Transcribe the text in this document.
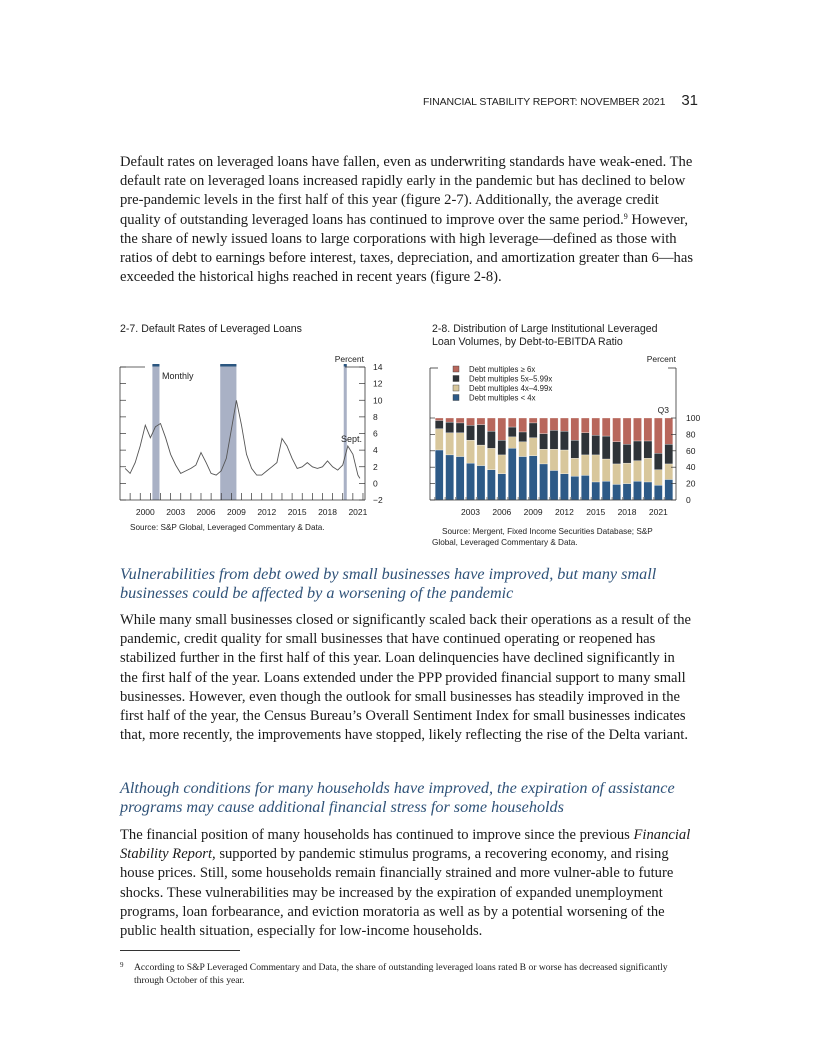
FINANCIAL STABILITY REPORT: NOVEMBER 2021 31

Default rates on leveraged loans have fallen, even as underwriting standards have weak-ened. The default rate on leveraged loans increased rapidly early in the pandemic but has declined to below pre-pandemic levels in the first half of this year (figure 2-7). Additionally, the average credit quality of outstanding leveraged loans has continued to improve over the same period.$^9$ However, the share of newly issued loans to large corporations with high leverage—defined as those with ratios of debt to earnings before interest, taxes, depreciation, and amortization greater than 6—has exceeded the historical highs reached in recent years (figure 2-8).

2-7. Default Rates of Leveraged Loans
Monthly
Sept.
Percent
14
12
10
8
6
4
2
0
−2
2000 2003 2006 2009 2012 2015 2018 2021
Source: S&P Global, Leveraged Commentary & Data.
2-8. Distribution of Large Institutional Leveraged
Loan Volumes, by Debt-to-EBITDA Ratio
Debt multiples ≥ 6x
Debt multiples 5x–5.99x
Debt multiples 4x–4.99x
Debt multiples < 4x
Percent
Q3
100
80
60
40
20
0
2003 2006 2009 2012 2015 2018 2021
Source: Mergent, Fixed Income Securities Database; S&P
Global, Leveraged Commentary & Data.
Vulnerabilities from debt owed by small businesses have improved, but many small businesses could be affected by a worsening of the pandemic

While many small businesses closed or significantly scaled back their operations as a result of the pandemic, credit quality for small businesses that have continued operating or reopened has stabilized further in the first half of this year. Loan delinquencies have declined significantly in the first half of the year. Loans extended under the PPP provided financial support to many small businesses. However, even though the outlook for small businesses has steadily improved in the first half of the year, the Census Bureau’s Overall Sentiment Index for small businesses indicates that, more recently, the improvements have stopped, likely reflecting the rise of the Delta variant.

Although conditions for many households have improved, the expiration of assistance programs may cause additional financial stress for some households

The financial position of many households has continued to improve since the previous Financial Stability Report, supported by pandemic stimulus programs, a recovering economy, and rising house prices. Still, some households remain financially strained and more vulner-able to future shocks. These vulnerabilities may be increased by the expiration of expanded unemployment programs, loan forbearance, and eviction moratoria as well as by a potential worsening of the public health situation, especially for low-income households.

9 According to S&P Leveraged Commentary and Data, the share of outstanding leveraged loans rated B or worse has decreased significantly through October of this year.
